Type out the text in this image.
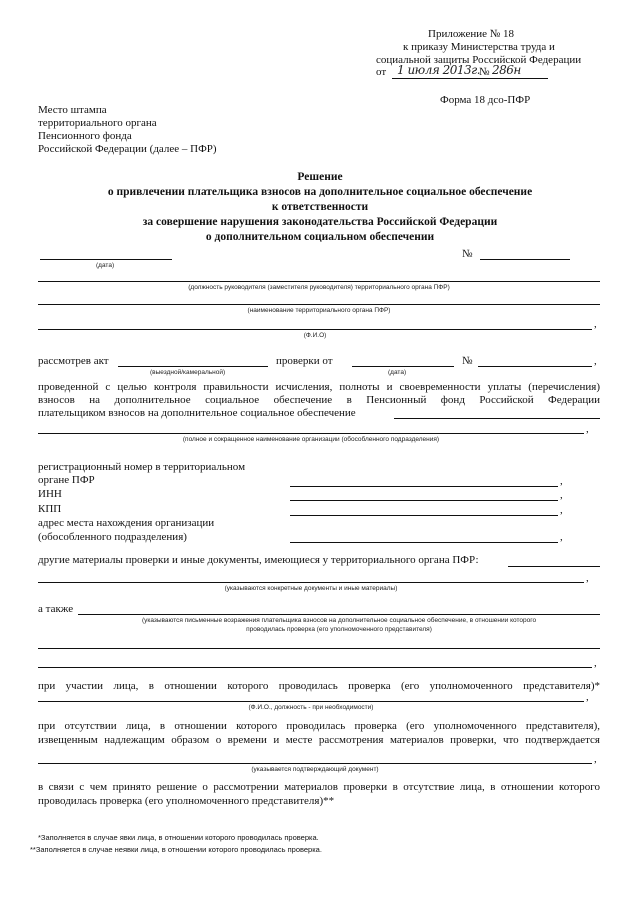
Приложение № 18
к приказу Министерства труда и
социальной защиты Российской Федерации
от 1 июля 2013г.
№ 286н
Форма 18 дсо-ПФР
Место штампа
территориального органа
Пенсионного фонда
Российской Федерации (далее – ПФР)
Решение
о привлечении плательщика взносов на дополнительное социальное обеспечение
к ответственности
за совершение нарушения законодательства Российской Федерации
о дополнительном социальном обеспечении
(дата)
№
(должность руководителя (заместителя руководителя) территориального органа ПФР)
(наименование территориального органа ПФР)
,
(Ф.И.О)
рассмотрев акт
(выездной/камеральной)
проверки от
(дата)
№	,
проведенной с целью контроля правильности исчисления, полноты и своевременности уплаты (перечисления)
взносов на дополнительное социальное обеспечение в Пенсионный фонд Российской Федерации
плательщиком взносов на дополнительное социальное обеспечение
,
(полное и сокращенное наименование организации (обособленного подразделения)
регистрационный номер в территориальном
органе ПФР	,
ИНН	,
КПП	,
адрес места нахождения организации
(обособленного подразделения)	,
другие материалы проверки и иные документы, имеющиеся у территориального органа ПФР:
,
(указываются конкретные документы и иные материалы)
а также
(указываются письменные возражения плательщика взносов на дополнительное социальное обеспечение, в отношении которого
проводилась проверка (его уполномоченного представителя)
,
при участии лица, в отношении которого проводилась проверка (его уполномоченного представителя)*
,
(Ф.И.О., должность - при необходимости)
при отсутствии лица, в отношении которого проводилась проверка (его уполномоченного представителя),
извещенным надлежащим образом о времени и месте рассмотрения материалов проверки, что подтверждается
,
(указывается подтверждающий документ)
в связи с чем принято решение о рассмотрении материалов проверки в отсутствие лица, в отношении которого
проводилась проверка (его уполномоченного представителя)**
*Заполняется в случае явки лица, в отношении которого проводилась проверка.
**Заполняется в случае неявки лица, в отношении которого проводилась проверка.
